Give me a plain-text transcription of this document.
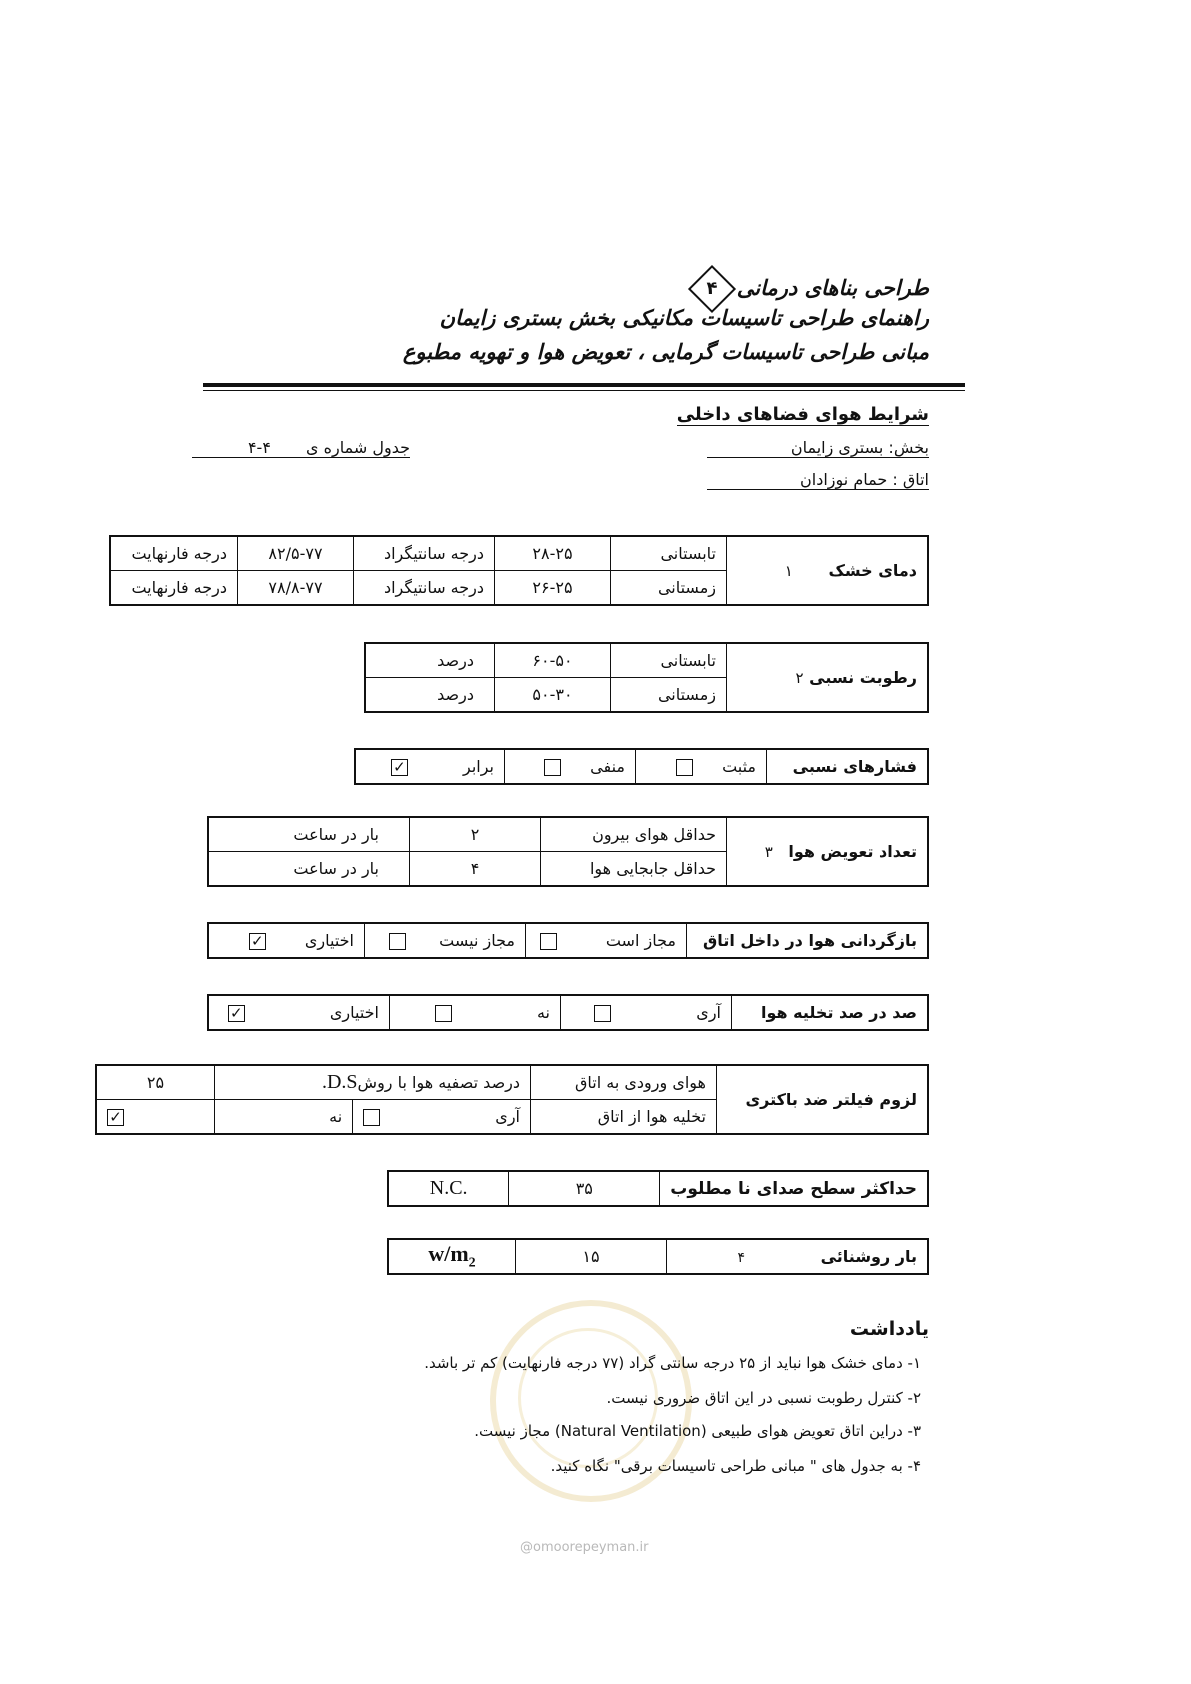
طراحی بناهای درمانی
۴
راهنمای طراحی تاسیسات مکانیکی بخش بستری زایمان
مبانی طراحی تاسیسات گرمایی ، تعویض هوا و تهویه مطبوع
شرایط هوای فضاهای داخلی
بخش: بستری زایمان
اتاق : حمام نوزادان
جدول شماره ی ۴-۴
دمای خشک ۱	تابستانی	۲۸-۲۵	درجه سانتیگراد	۸۲/۵-۷۷	درجه فارنهایت
	زمستانی	۲۶-۲۵	درجه سانتیگراد	۷۸/۸-۷۷	درجه فارنهایت
رطوبت نسبی ۲	تابستانی	۶۰-۵۰	درصد
	زمستانی	۵۰-۳۰	درصد
فشارهای نسبی	مثبت	منفی	برابر ✓
تعداد تعویض هوا ۳	حداقل هوای بیرون	۲	بار در ساعت
	حداقل جابجایی هوا	۴	بار در ساعت
بازگردانی هوا در داخل اتاق	مجاز است	مجاز نیست	اختیاری ✓
صد در صد تخلیه هوا	آری	نه	اختیاری ✓
لزوم فیلتر ضد باکتری	هوای ورودی به اتاق	درصد تصفیه هوا با روشD.S.		۲۵
	تخلیه هوا از اتاق	آری	نه	✓
حداکثر سطح صدای نا مطلوب	۳۵	N.C.
بار روشنائی ۴	۱۵	$w/m_2$
@omoorepeyman.ir
یادداشت
۱- دمای خشک هوا نباید از ۲۵ درجه سانتی گراد (۷۷ درجه فارنهایت) کم تر باشد.
۲- کنترل رطوبت نسبی در این اتاق ضروری نیست.
۳- دراین اتاق تعویض هوای طبیعی (Natural Ventilation) مجاز نیست.
۴- به جدول های " مبانی طراحی تاسیسات برقی" نگاه کنید.
